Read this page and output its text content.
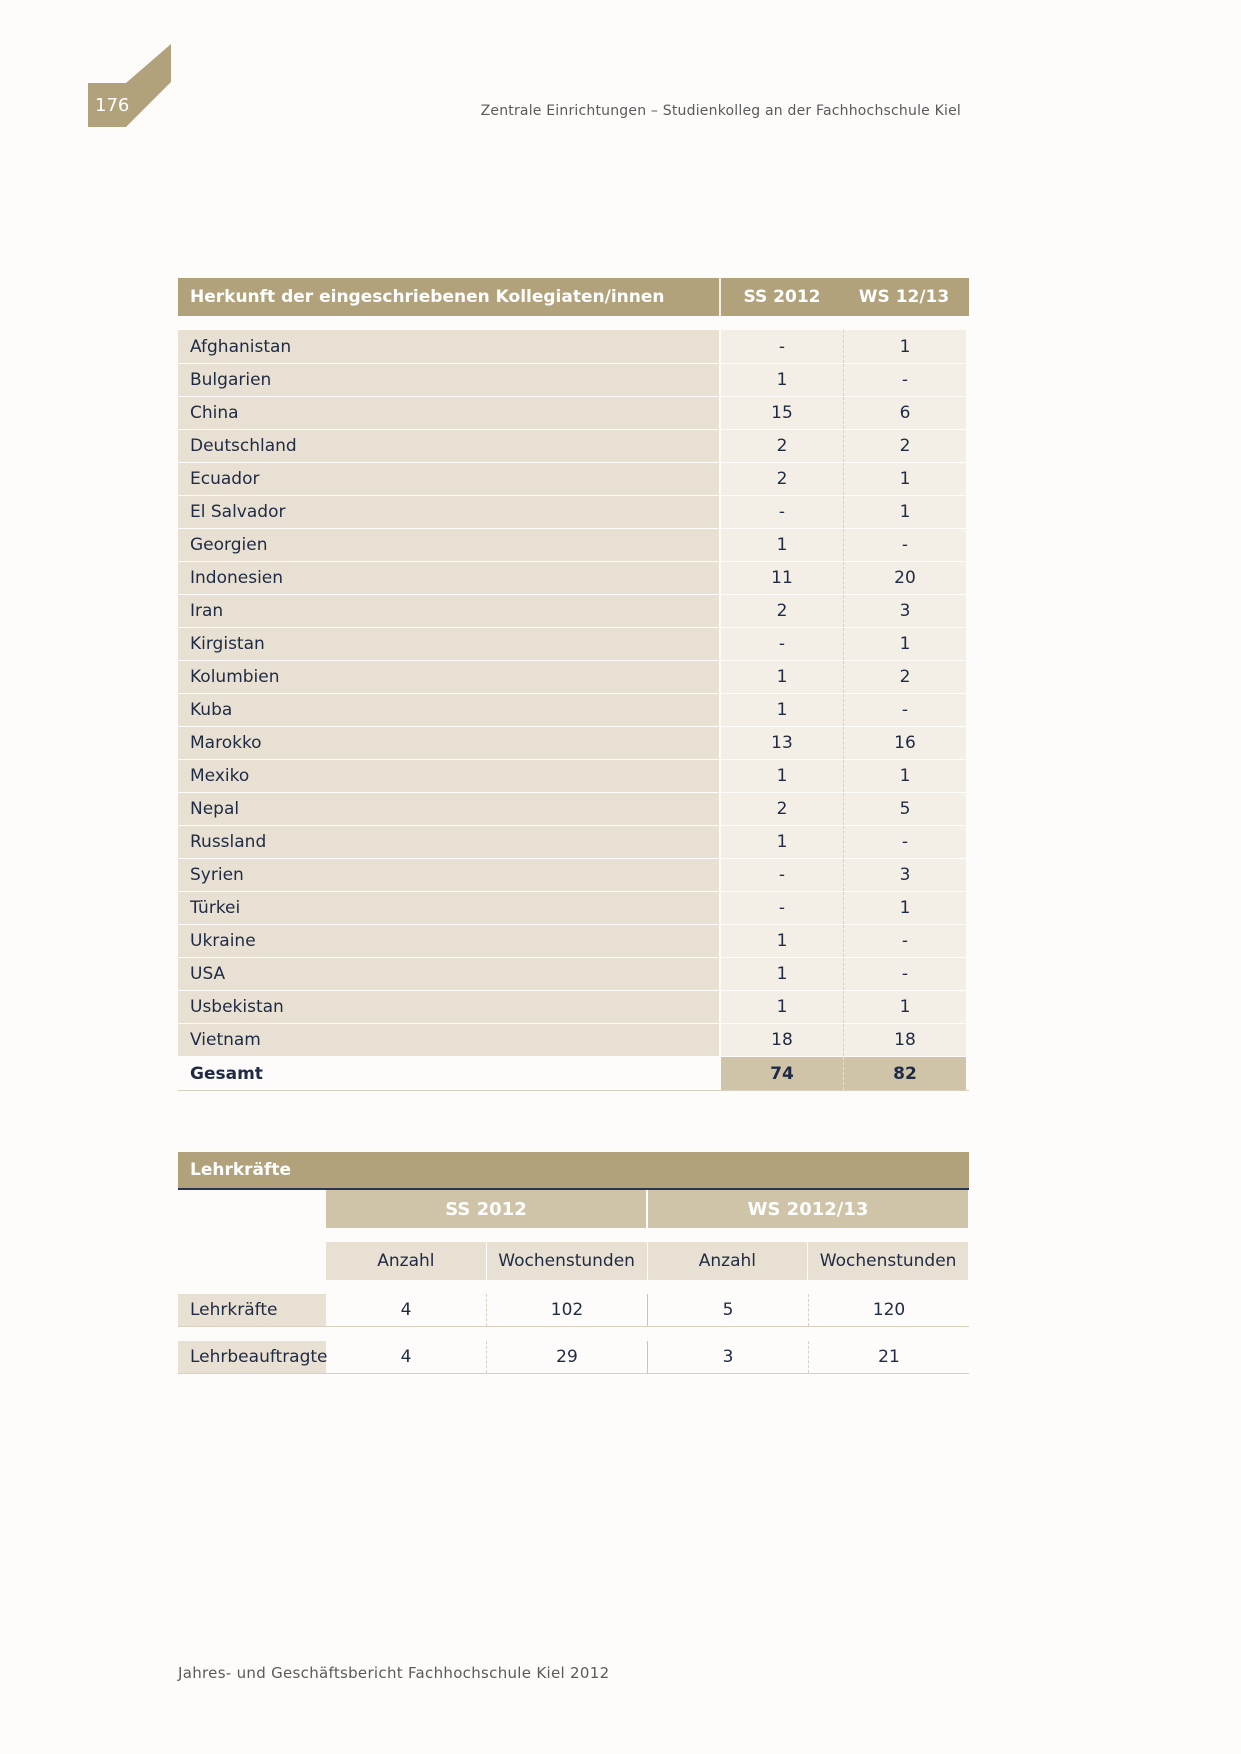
176	Zentrale Einrichtungen – Studienkolleg an der Fachhochschule Kiel
Herkunft der eingeschriebenen Kollegiaten/innen	SS 2012	WS 12/13
Afghanistan	-	1
Bulgarien	1	-
China	15	6
Deutschland	2	2
Ecuador	2	1
El Salvador	-	1
Georgien	1	-
Indonesien	11	20
Iran	2	3
Kirgistan	-	1
Kolumbien	1	2
Kuba	1	-
Marokko	13	16
Mexiko	1	1
Nepal	2	5
Russland	1	-
Syrien	-	3
Türkei	-	1
Ukraine	1	-
USA	1	-
Usbekistan	1	1
Vietnam	18	18
Gesamt	74	82
Lehrkräfte
SS 2012	WS 2012/13
Anzahl	Wochenstunden	Anzahl	Wochenstunden
Lehrkräfte	4	102	5	120
Lehrbeauftragte	4	29	3	21
Jahres- und Geschäftsbericht Fachhochschule Kiel 2012
